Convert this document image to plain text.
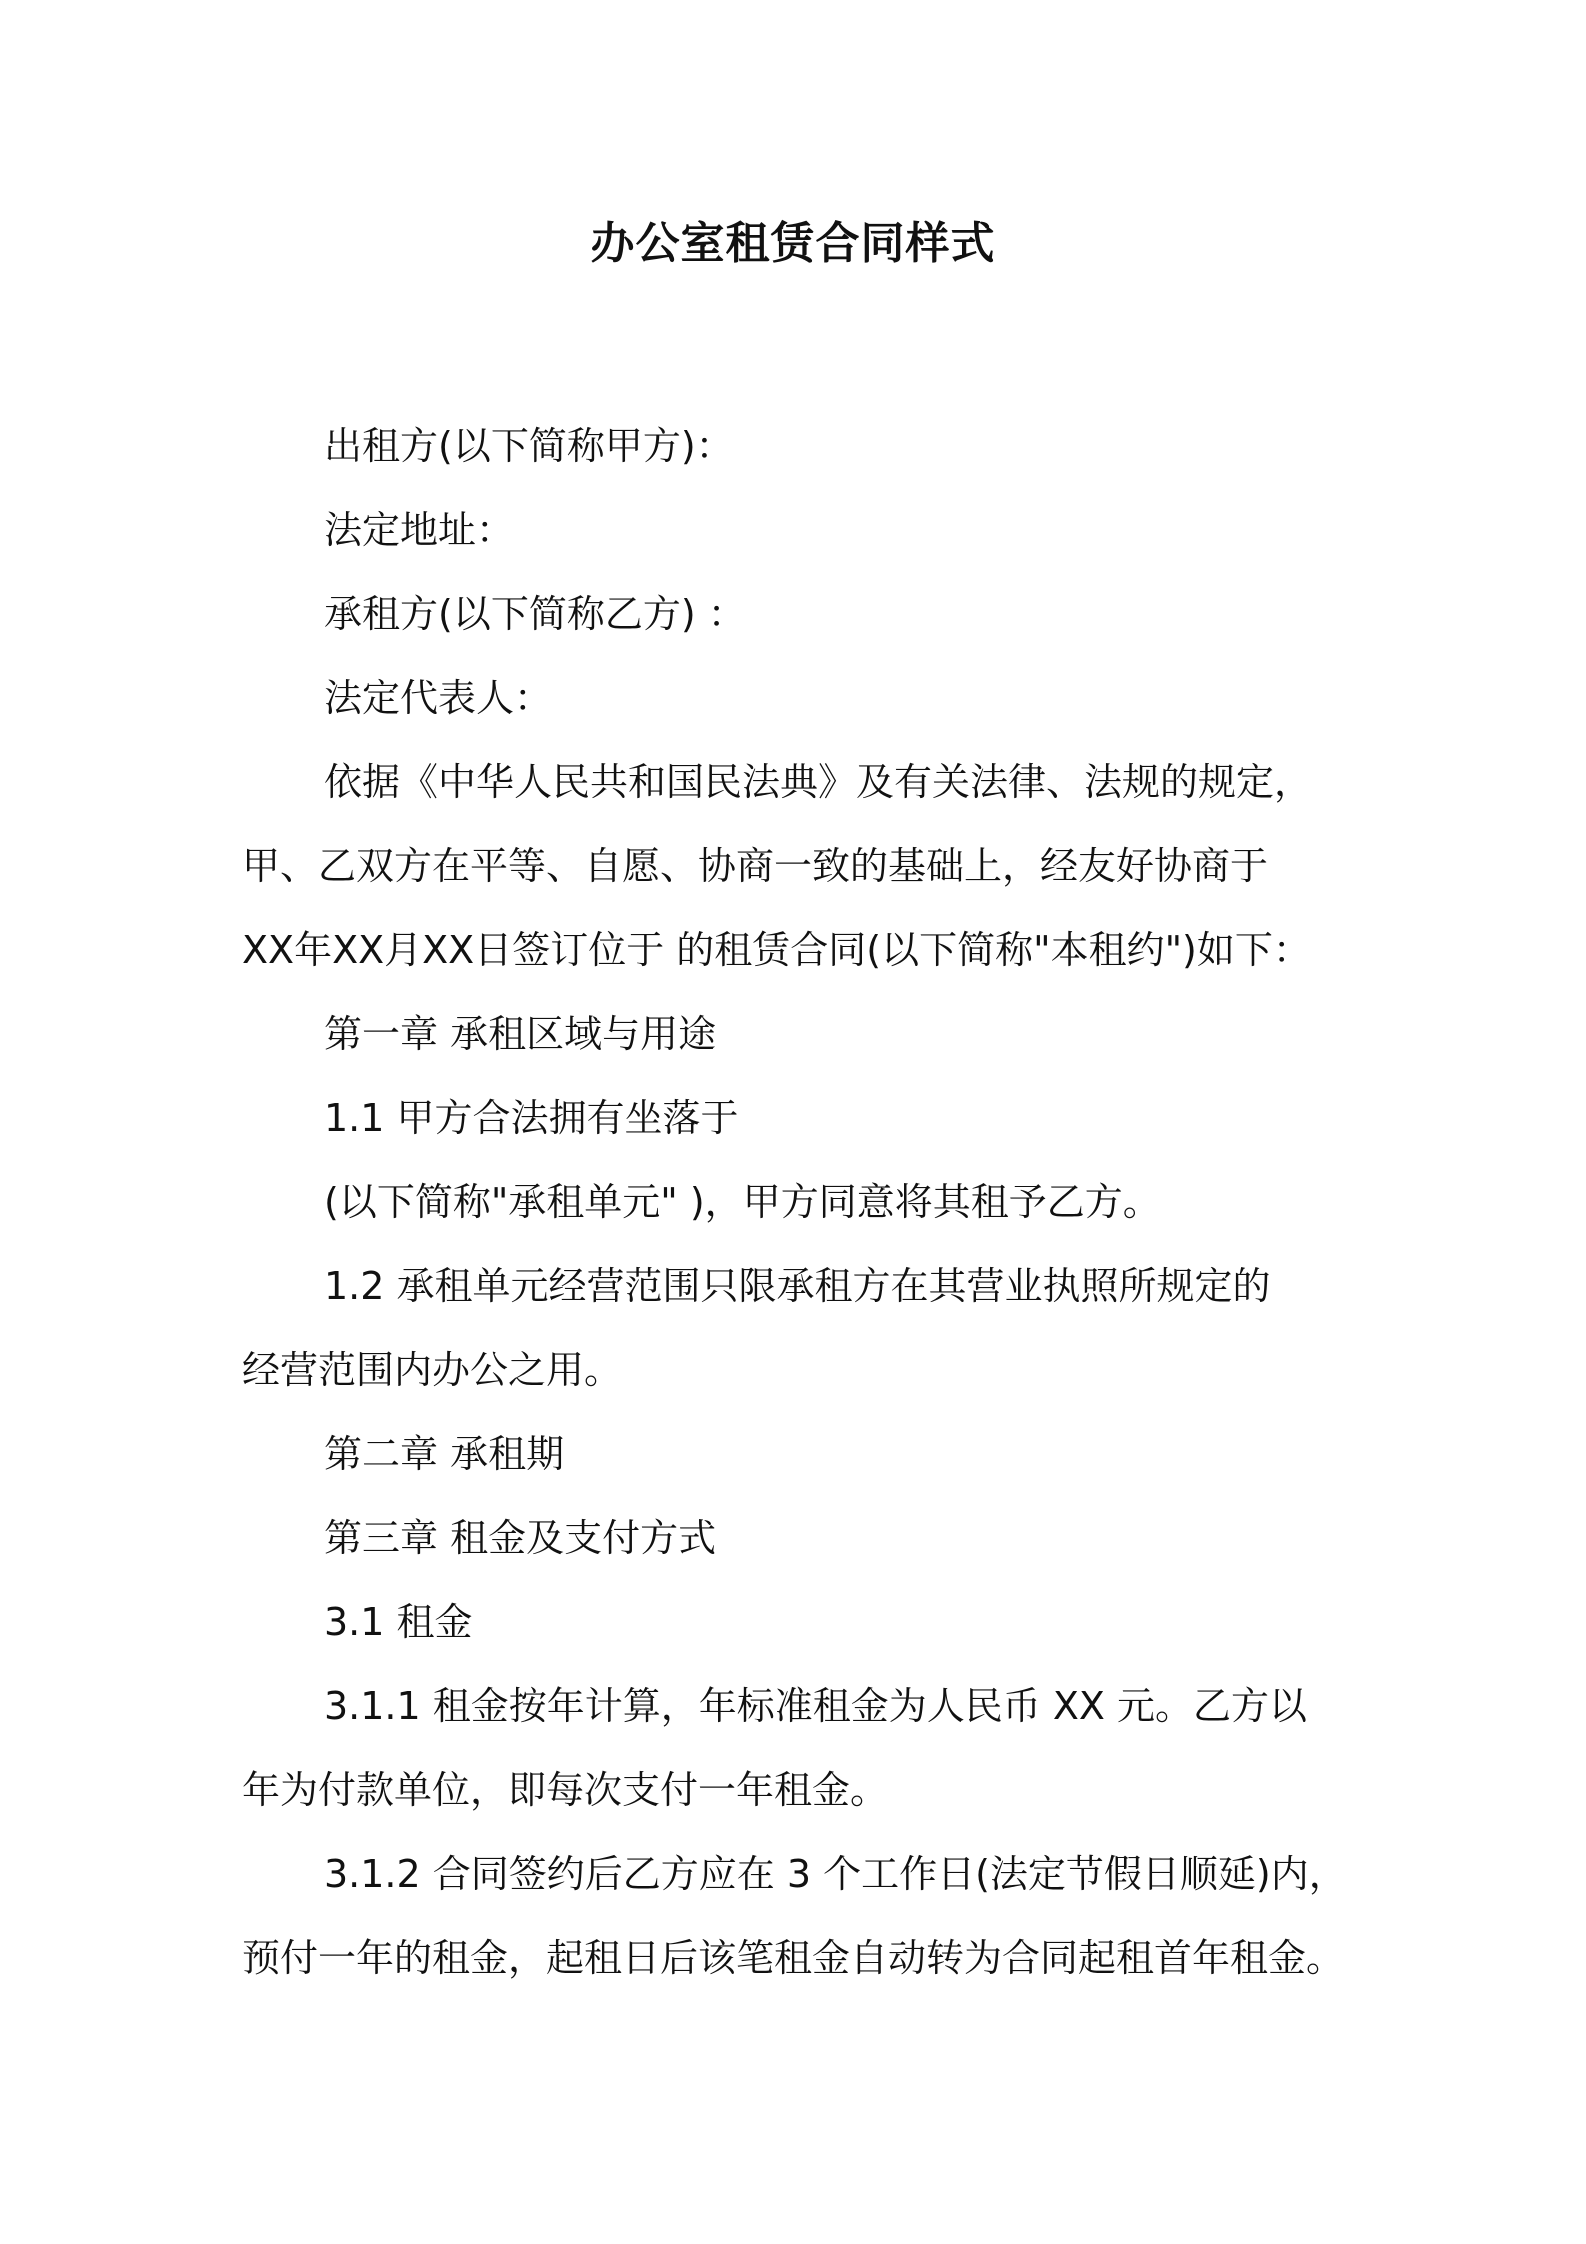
办公室租赁合同样式

出租方(以下简称甲方)：

法定地址：

承租方(以下简称乙方) ：

法定代表人：

依据《中华人民共和国民法典》及有关法律、法规的规定，

甲、乙双方在平等、自愿、协商一致的基础上，经友好协商于

XX年XX月XX日签订位于 的租赁合同(以下简称"本租约")如下：

第一章 承租区域与用途

1.1 甲方合法拥有坐落于

(以下简称"承租单元" )，甲方同意将其租予乙方。

1.2 承租单元经营范围只限承租方在其营业执照所规定的

经营范围内办公之用。

第二章 承租期

第三章 租金及支付方式

3.1 租金

3.1.1 租金按年计算，年标准租金为人民币 XX 元。乙方以

年为付款单位，即每次支付一年租金。

3.1.2 合同签约后乙方应在 3 个工作日(法定节假日顺延)内，

预付一年的租金，起租日后该笔租金自动转为合同起租首年租金。
